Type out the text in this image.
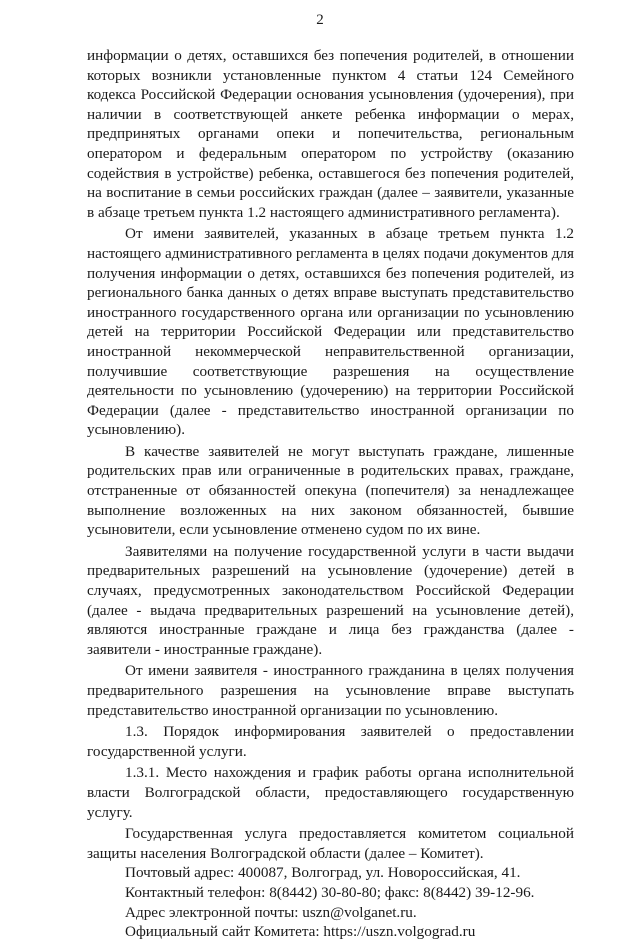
2

информации о детях, оставшихся без попечения родителей, в отношении которых возникли установленные пунктом 4 статьи 124 Семейного кодекса Российской Федерации основания усыновления (удочерения), при наличии в соответствующей анкете ребенка информации о мерах, предпринятых органами опеки и попечительства, региональным оператором и федеральным оператором по устройству (оказанию содействия в устройстве) ребенка, оставшегося без попечения родителей, на воспитание в семьи российских граждан (далее – заявители, указанные в абзаце третьем пункта 1.2 настоящего административного регламента).

От имени заявителей, указанных в абзаце третьем пункта 1.2 настоящего административного регламента в целях подачи документов для получения информации о детях, оставшихся без попечения родителей, из регионального банка данных о детях вправе выступать представительство иностранного государственного органа или организации по усыновлению детей на территории Российской Федерации или представительство иностранной некоммерческой неправительственной организации, получившие соответствующие разрешения на осуществление деятельности по усыновлению (удочерению) на территории Российской Федерации (далее - представительство иностранной организации по усыновлению).

В качестве заявителей не могут выступать граждане, лишенные родительских прав или ограниченные в родительских правах, граждане, отстраненные от обязанностей опекуна (попечителя) за ненадлежащее выполнение возложенных на них законом обязанностей, бывшие усыновители, если усыновление отменено судом по их вине.

Заявителями на получение государственной услуги в части выдачи предварительных разрешений на усыновление (удочерение) детей в случаях, предусмотренных законодательством Российской Федерации (далее - выдача предварительных разрешений на усыновление детей), являются иностранные граждане и лица без гражданства (далее - заявители - иностранные граждане).

От имени заявителя - иностранного гражданина в целях получения предварительного разрешения на усыновление вправе выступать представительство иностранной организации по усыновлению.

1.3. Порядок информирования заявителей о предоставлении государственной услуги.

1.3.1. Место нахождения и график работы органа исполнительной власти Волгоградской области, предоставляющего государственную услугу.

Государственная услуга предоставляется комитетом социальной защиты населения Волгоградской области (далее – Комитет).

Почтовый адрес: 400087, Волгоград, ул. Новороссийская, 41.

Контактный телефон: 8(8442) 30-80-80; факс: 8(8442) 39-12-96.

Адрес электронной почты: uszn@volganet.ru.

Официальный сайт Комитета: https://uszn.volgograd.ru
